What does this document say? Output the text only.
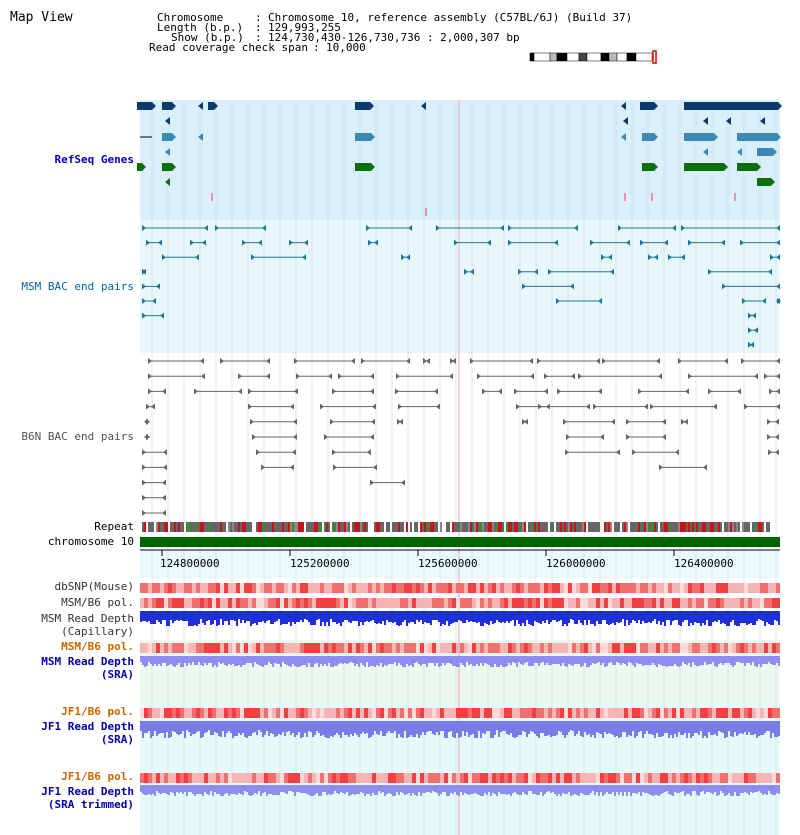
Map View	Chromosome	: Chromosome 10, reference assembly (C57BL/6J) (Build 37)
Length (b.p.) : 129,993,255
Show (b.p.) : 124,730,430-126,730,736 : 2,000,307 bp
Read coverage check span : 10,000
RefSeq Genes
MSM BAC end pairs
B6N BAC end pairs
Repeat
chromosome 10
dbSNP(Mouse)
MSM/B6 pol.
MSM Read Depth
(Capillary)
MSM/B6 pol.
MSM Read Depth
(SRA)
JF1/B6 pol.
JF1 Read Depth
(SRA)
JF1/B6 pol.
JF1 Read Depth
(SRA trimmed)
124800000	125200000	125600000	126000000	126400000
